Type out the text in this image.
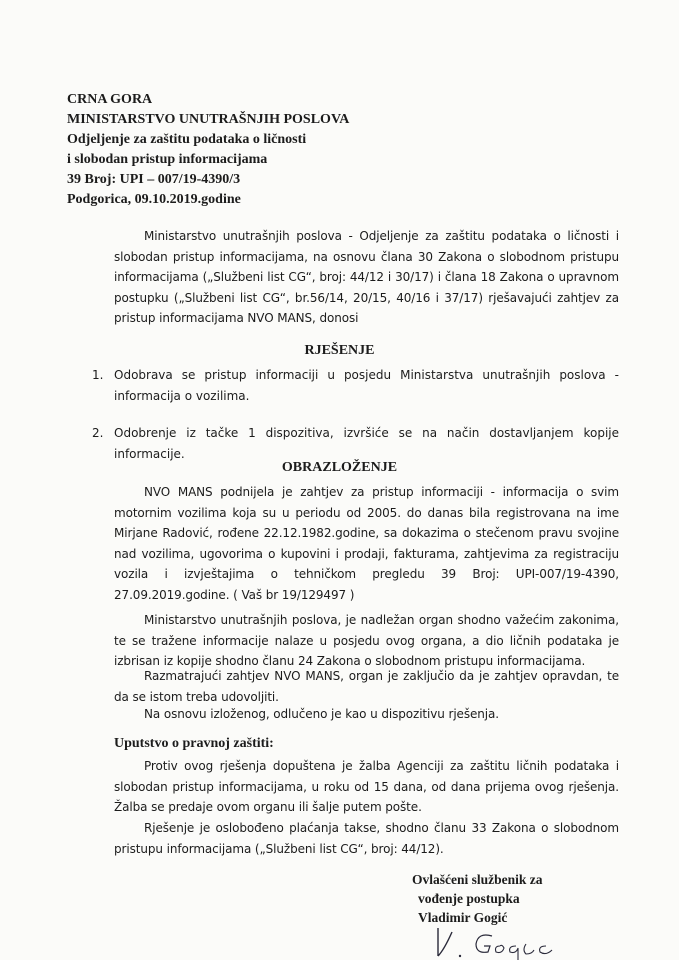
CRNA GORA
MINISTARSTVO UNUTRAŠNJIH POSLOVA
Odjeljenje za zaštitu podataka o ličnosti
i slobodan pristup informacijama
39 Broj: UPI – 007/19-4390/3
Podgorica, 09.10.2019.godine
Ministarstvo unutrašnjih poslova - Odjeljenje za zaštitu podataka o ličnosti i slobodan pristup informacijama, na osnovu člana 30 Zakona o slobodnom pristupu informacijama („Službeni list CG“, broj: 44/12 i 30/17) i člana 18 Zakona o upravnom postupku („Službeni list CG“, br.56/14, 20/15, 40/16 i 37/17) rješavajući zahtjev za pristup informacijama NVO MANS, donosi
RJEŠENJE
1. Odobrava se pristup informaciji u posjedu Ministarstva unutrašnjih poslova - informacija o vozilima.
2. Odobrenje iz tačke 1 dispozitiva, izvršiće se na način dostavljanjem kopije informacije.
OBRAZLOŽENJE
NVO MANS podnijela je zahtjev za pristup informaciji - informacija o svim motornim vozilima koja su u periodu od 2005. do danas bila registrovana na ime Mirjane Radović, rođene 22.12.1982.godine, sa dokazima o stečenom pravu svojine nad vozilima, ugovorima o kupovini i prodaji, fakturama, zahtjevima za registraciju vozila i izvještajima o tehničkom pregledu 39 Broj: UPI-007/19-4390, 27.09.2019.godine. ( Vaš br 19/129497 )
Ministarstvo unutrašnjih poslova, je nadležan organ shodno važećim zakonima, te se tražene informacije nalaze u posjedu ovog organa, a dio ličnih podataka je izbrisan iz kopije shodno članu 24 Zakona o slobodnom pristupu informacijama.
Razmatrajući zahtjev NVO MANS, organ je zaključio da je zahtjev opravdan, te da se istom treba udovoljiti.
Na osnovu izloženog, odlučeno je kao u dispozitivu rješenja.
Uputstvo o pravnoj zaštiti:
Protiv ovog rješenja dopuštena je žalba Agenciji za zaštitu ličnih podataka i slobodan pristup informacijama, u roku od 15 dana, od dana prijema ovog rješenja. Žalba se predaje ovom organu ili šalje putem pošte.
Rješenje je oslobođeno plaćanja takse, shodno članu 33 Zakona o slobodnom pristupu informacijama („Službeni list CG“, broj: 44/12).
Ovlašćeni službenik za
vođenje postupka
Vladimir Gogić
